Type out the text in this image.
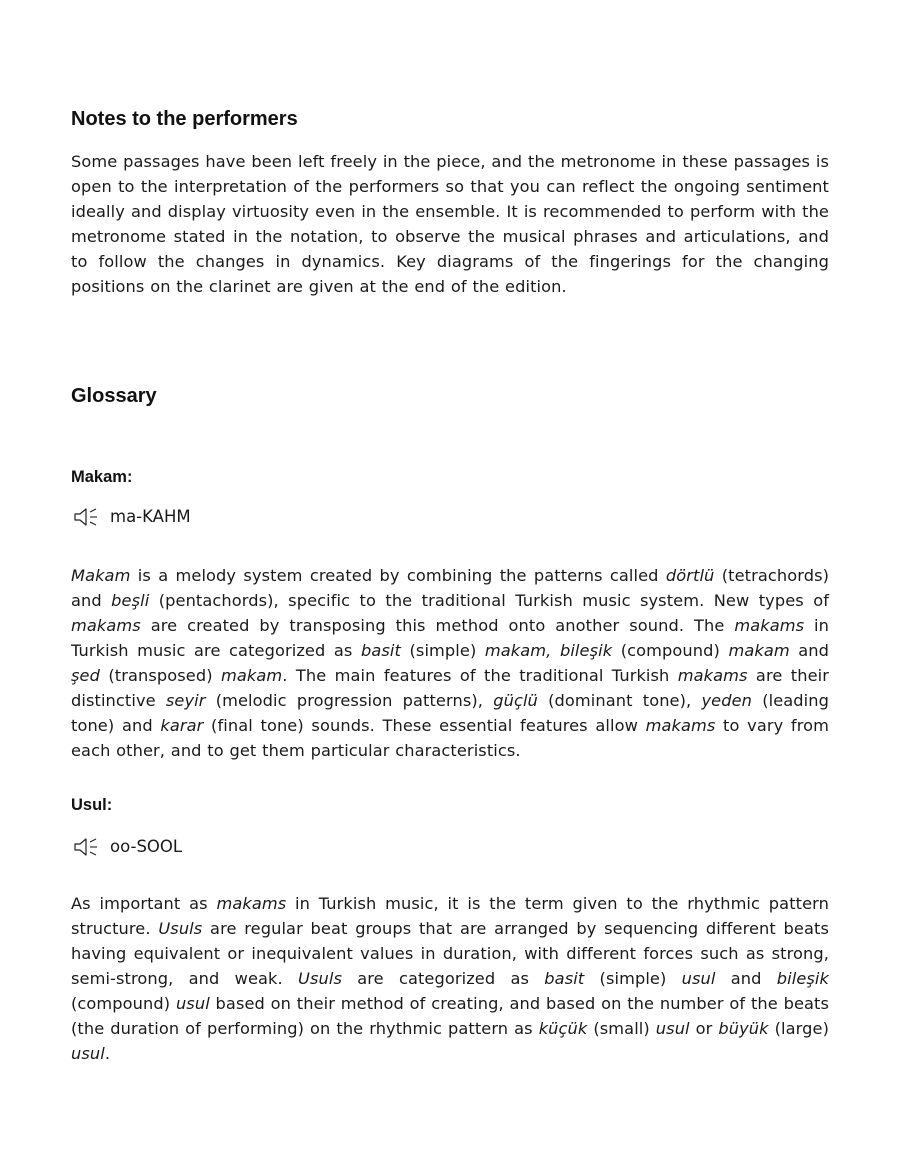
Notes to the performers

Some passages have been left freely in the piece, and the metronome in these passages is open to the interpretation of the performers so that you can reflect the ongoing sentiment ideally and display virtuosity even in the ensemble. It is recommended to perform with the metronome stated in the notation, to observe the musical phrases and articulations, and to follow the changes in dynamics. Key diagrams of the fingerings for the changing positions on the clarinet are given at the end of the edition.

Glossary
Makam:
ma-KAHM

Makam is a melody system created by combining the patterns called dörtlü (tetrachords) and beşli (pentachords), specific to the traditional Turkish music system. New types of makams are created by transposing this method onto another sound. The makams in Turkish music are categorized as basit (simple) makam, bileşik (compound) makam and şed (transposed) makam. The main features of the traditional Turkish makams are their distinctive seyir (melodic progression patterns), güçlü (dominant tone), yeden (leading tone) and karar (final tone) sounds. These essential features allow makams to vary from each other, and to get them particular characteristics.

Usul:
oo-SOOL

As important as makams in Turkish music, it is the term given to the rhythmic pattern structure. Usuls are regular beat groups that are arranged by sequencing different beats having equivalent or inequivalent values in duration, with different forces such as strong, semi-strong, and weak. Usuls are categorized as basit (simple) usul and bileşik (compound) usul based on their method of creating, and based on the number of the beats (the duration of performing) on the rhythmic pattern as küçük (small) usul or büyük (large) usul.
